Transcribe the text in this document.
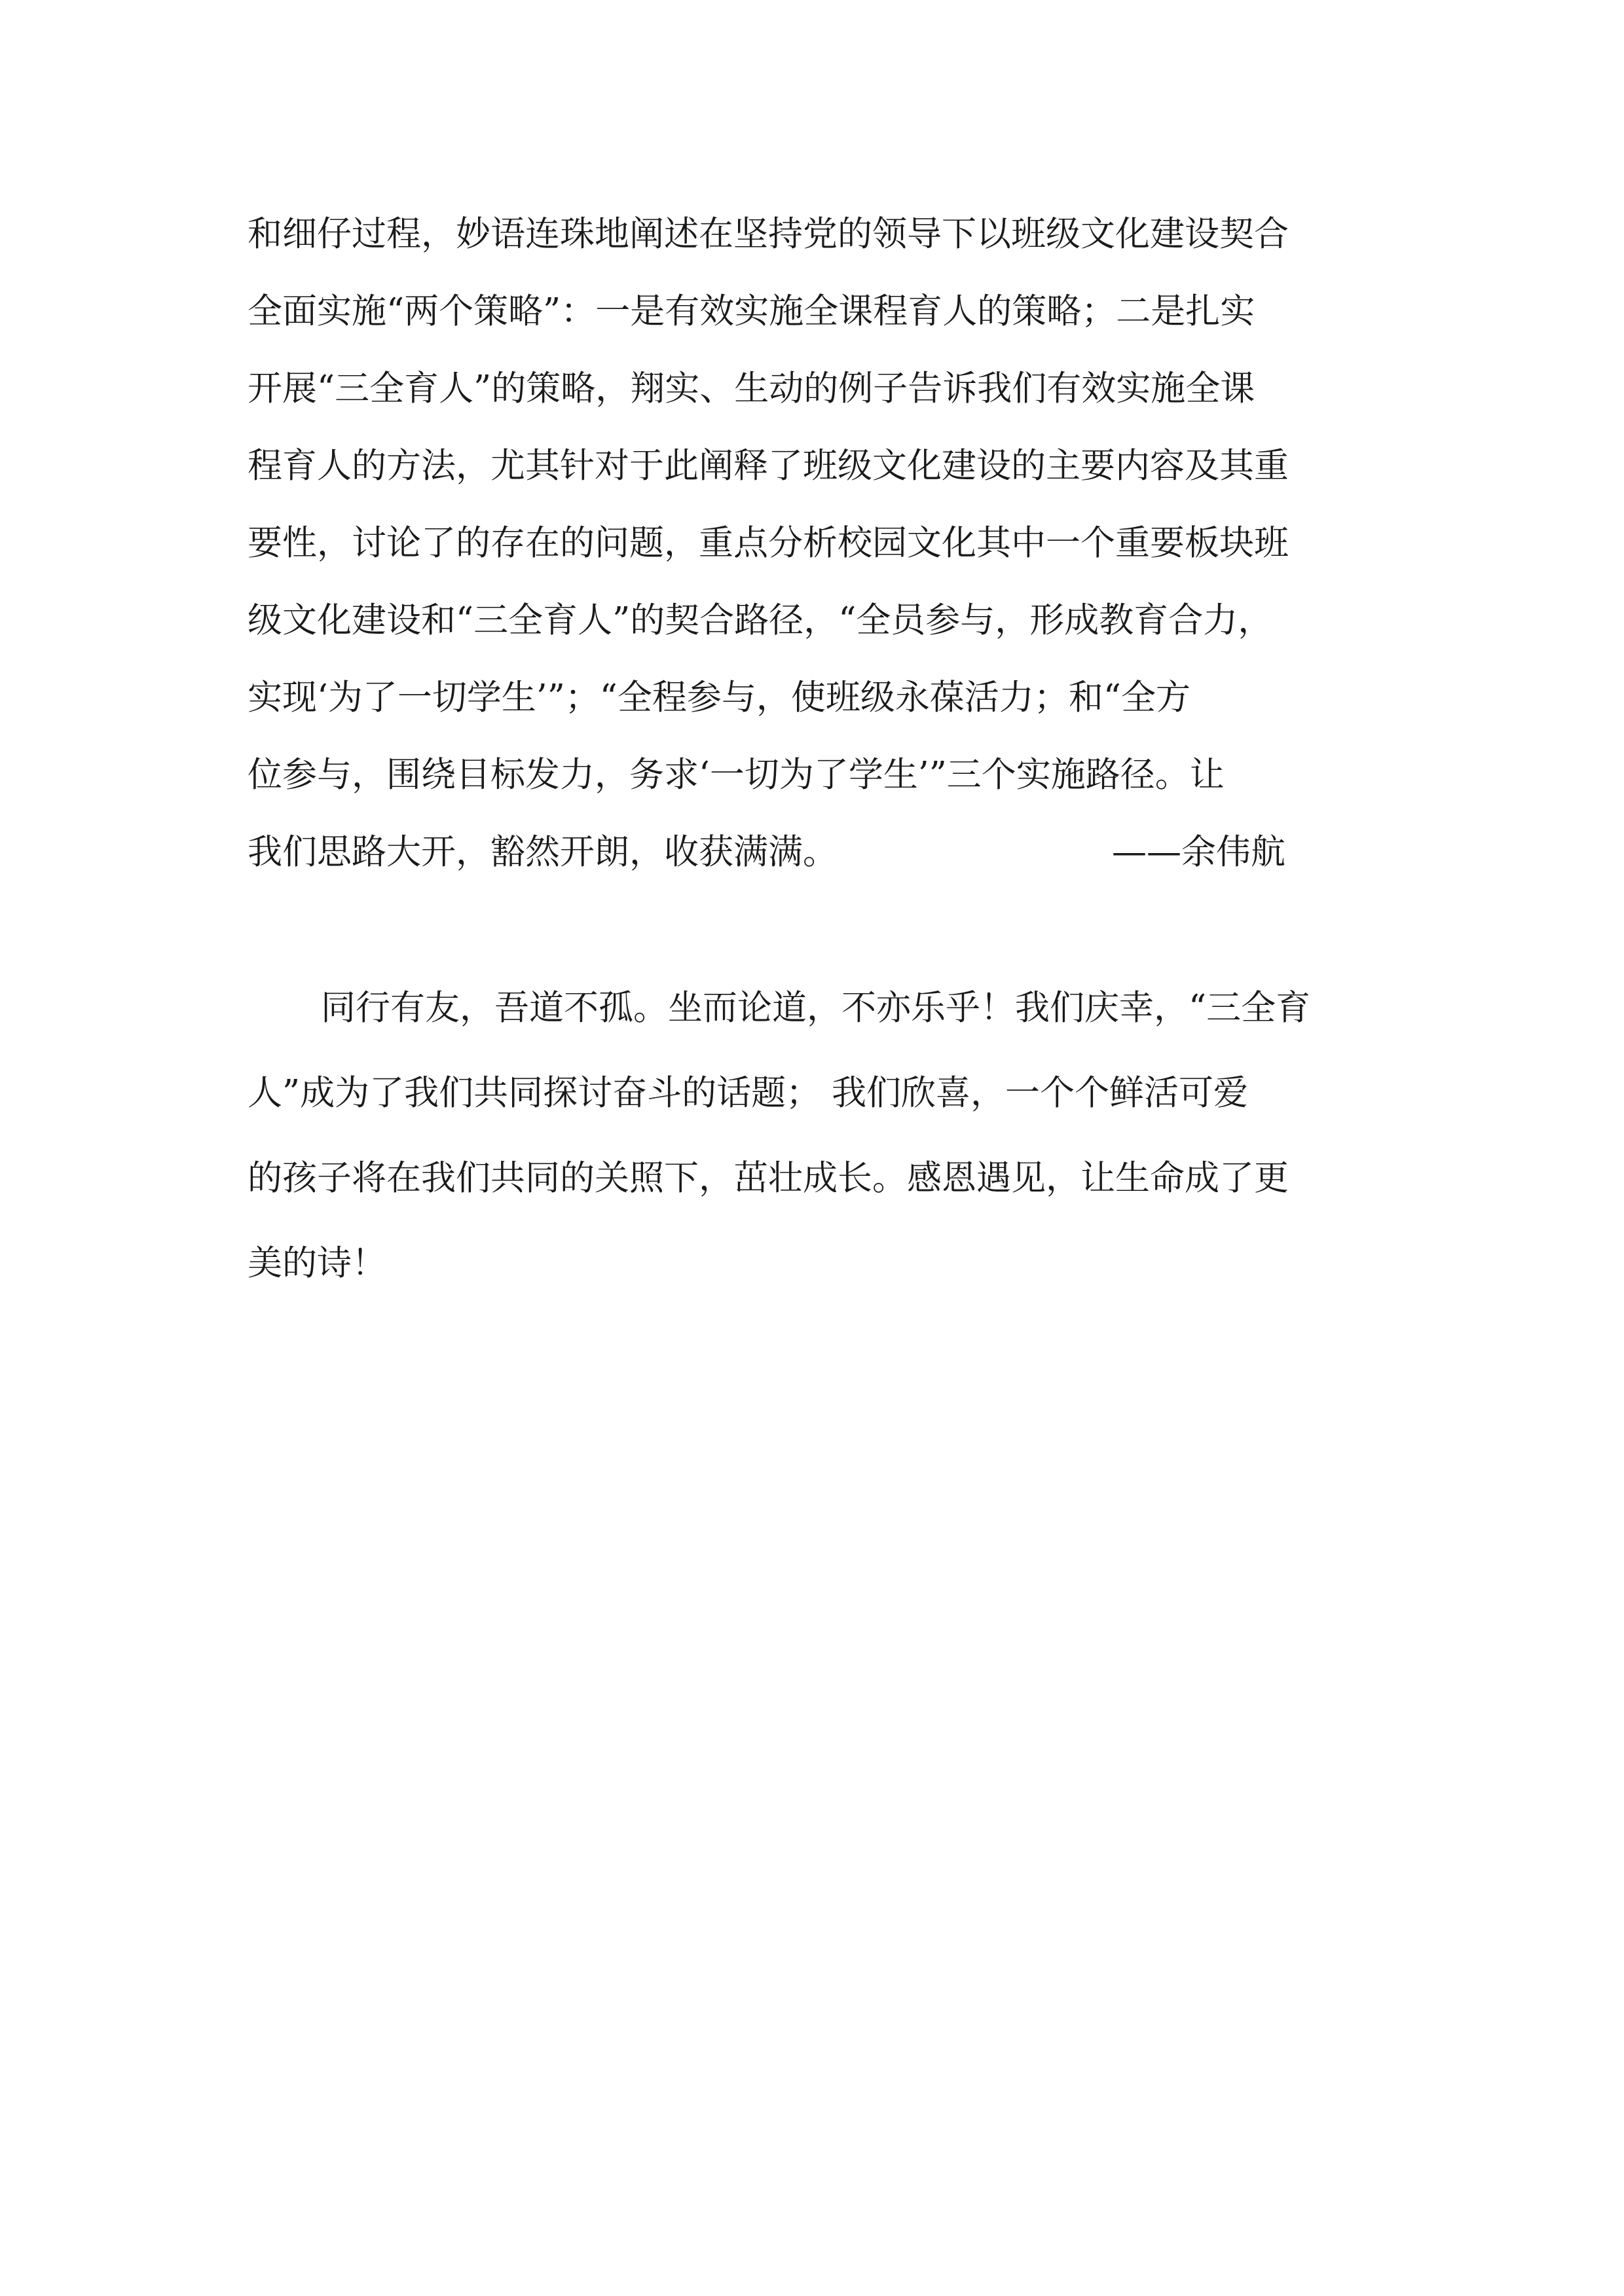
和细仔过程，妙语连珠地阐述在坚持党的领导下以班级文化建设契合
全面实施“两个策略”：一是有效实施全课程育人的策略；二是扎实
开展“三全育人”的策略，翔实、生动的例子告诉我们有效实施全课
程育人的方法，尤其针对于此阐释了班级文化建设的主要内容及其重
要性，讨论了的存在的问题，重点分析校园文化其中一个重要板块班
级文化建设和“三全育人”的契合路径，“全员参与，形成教育合力，
实现‘为了一切学生’”；“全程参与，使班级永葆活力；和“全方
位参与，围绕目标发力，务求‘一切为了学生’”三个实施路径。让
我们思路大开，豁然开朗，收获满满。	——余伟航
同行有友，吾道不孤。坐而论道，不亦乐乎！我们庆幸，“三全育
人”成为了我们共同探讨奋斗的话题； 我们欣喜，一个个鲜活可爱
的孩子将在我们共同的关照下，茁壮成长。感恩遇见，让生命成了更
美的诗！
